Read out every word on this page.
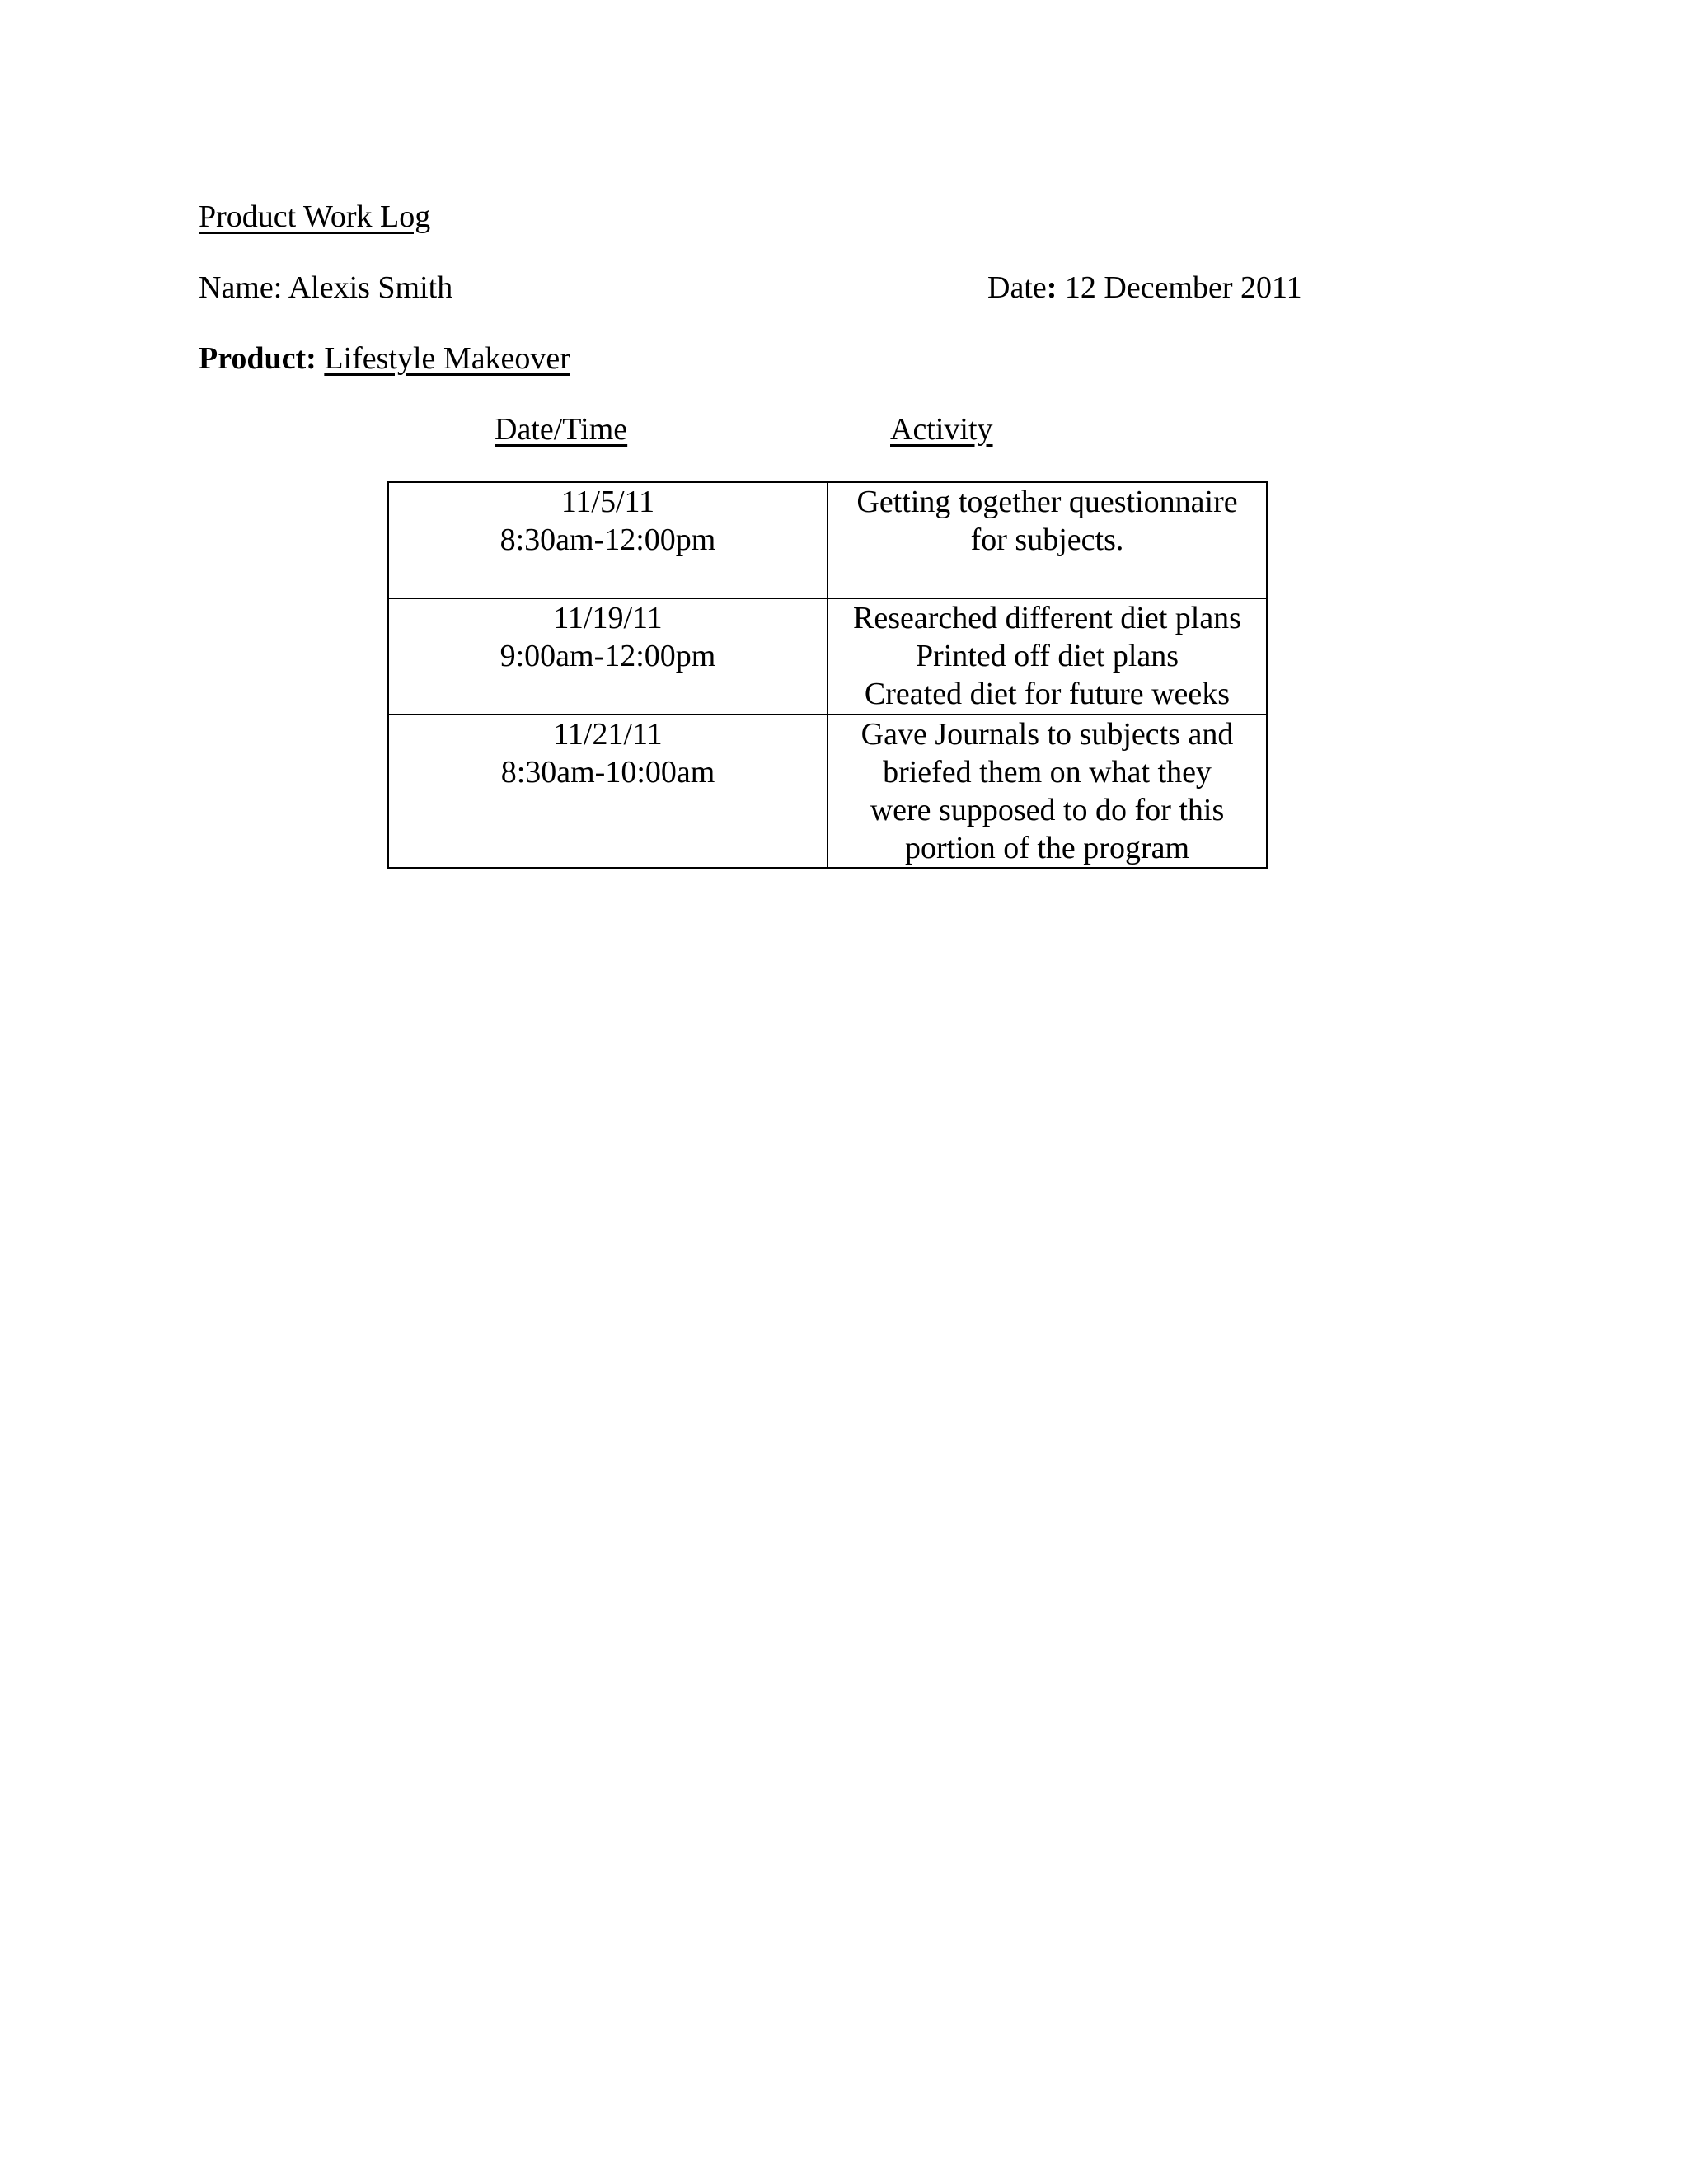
Product Work Log
Name: Alexis Smith	Date: 12 December 2011
Product: Lifestyle Makeover
Date/Time	Activity
11/5/11
8:30am-12:00pm	Getting together questionnaire
for subjects.

11/19/11
9:00am-12:00pm	Researched different diet plans
Printed off diet plans
Created diet for future weeks

11/21/11
8:30am-10:00am	Gave Journals to subjects and
briefed them on what they
were supposed to do for this
portion of the program
